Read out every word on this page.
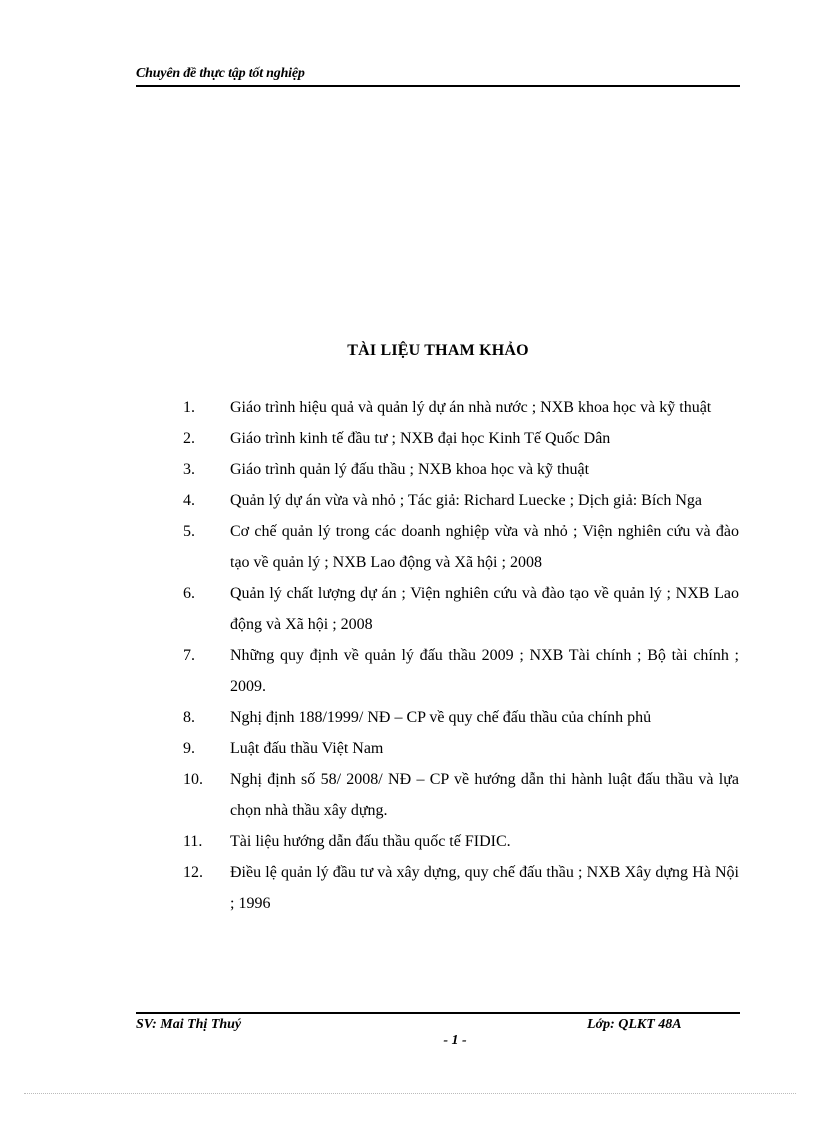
Chuyên đề thực tập tốt nghiệp
TÀI LIỆU THAM KHẢO
1.	Giáo trình hiệu quả và quản lý dự án nhà nước ; NXB khoa học và kỹ thuật
2.	Giáo trình kinh tế đầu tư ; NXB đại học Kinh Tế Quốc Dân
3.	Giáo trình quản lý đấu thầu ; NXB khoa học và kỹ thuật
4.	Quản lý dự án vừa và nhỏ ; Tác giả: Richard Luecke ; Dịch giả: Bích Nga
5.	Cơ chế quản lý trong các doanh nghiệp vừa và nhỏ ; Viện nghiên cứu và đào tạo về quản lý ; NXB Lao động và Xã hội ; 2008
6.	Quản lý chất lượng dự án ; Viện nghiên cứu và đào tạo về quản lý ; NXB Lao động và Xã hội ; 2008
7.	Những quy định về quản lý đấu thầu 2009 ; NXB Tài chính ; Bộ tài chính ; 2009.
8.	Nghị định 188/1999/ NĐ – CP về quy chế đấu thầu của chính phủ
9.	Luật đấu thầu Việt Nam
10.	Nghị định số 58/ 2008/ NĐ – CP về hướng dẫn thi hành luật đấu thầu và lựa chọn nhà thầu xây dựng.
11.	Tài liệu hướng dẫn đấu thầu quốc tế FIDIC.
12.	Điều lệ quản lý đầu tư và xây dựng, quy chế đấu thầu ; NXB Xây dựng Hà Nội ; 1996
SV: Mai Thị Thuý	Lớp: QLKT 48A
- 1 -
